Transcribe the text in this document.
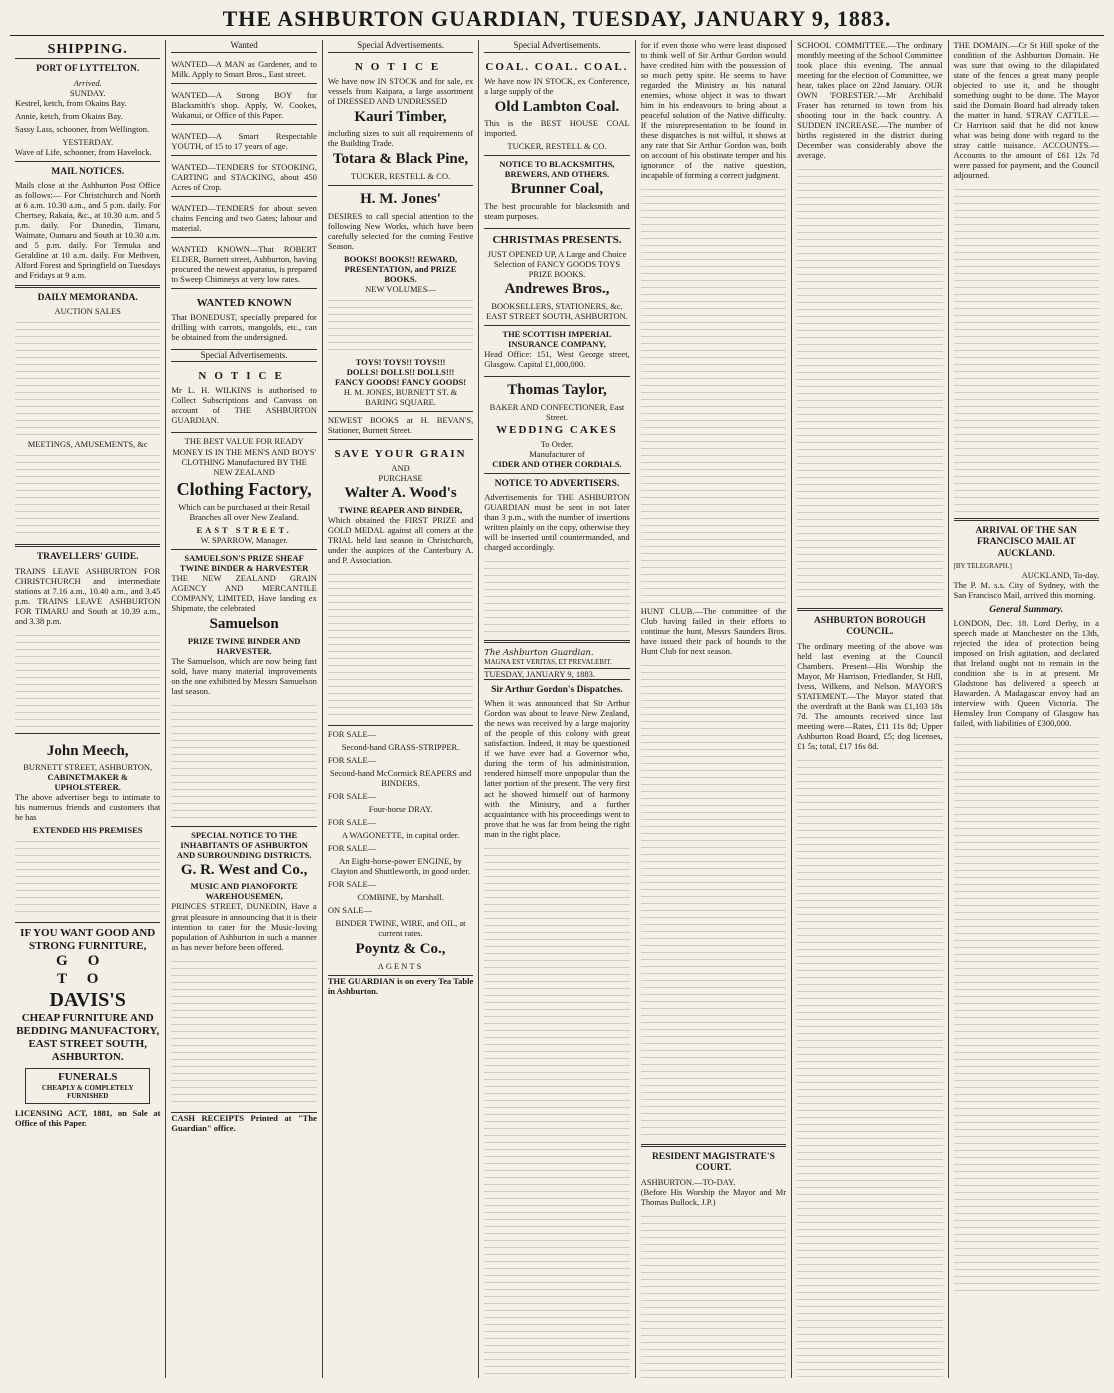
THE ASHBURTON GUARDIAN, TUESDAY, JANUARY 9, 1883.
SHIPPING.
PORT OF LYTTELTON.
Arrived.
SUNDAY.

Kestrel, ketch, from Okains Bay.

Annie, ketch, from Okains Bay.

Sassy Lass, schooner, from Wellington.

YESTERDAY.

Wave of Life, schooner, from Havelock.

MAIL NOTICES.

Mails close at the Ashburton Post Office as follows:— For Christchurch and North at 6 a.m. 10.30 a.m., and 5 p.m. daily. For Chertsey, Rakaia, &c., at 10.30 a.m. and 5 p.m. daily. For Dunedin, Timaru, Waimate, Oamaru and South at 10.30 a.m. and 5 p.m. daily. For Temuka and Geraldine at 10 a.m. daily. For Methven, Alford Forest and Springfield on Tuesdays and Fridays at 9 a.m.

DAILY MEMORANDA.
AUCTION SALES
MEETINGS, AMUSEMENTS, &c
TRAVELLERS' GUIDE.

TRAINS LEAVE ASHBURTON FOR CHRISTCHURCH and intermediate stations at 7.16 a.m., 10.40 a.m., and 3.45 p.m. TRAINS LEAVE ASHBURTON FOR TIMARU and South at 10.39 a.m., and 3.38 p.m.

John Meech,
BURNETT STREET, ASHBURTON,
CABINETMAKER & UPHOLSTERER.

The above advertiser begs to intimate to his numerous friends and customers that he has

EXTENDED HIS PREMISES
IF YOU WANT GOOD AND STRONG FURNITURE,
GO TO
DAVIS'S
CHEAP FURNITURE AND BEDDING MANUFACTORY,
EAST STREET SOUTH, ASHBURTON.
FUNERALS
CHEAPLY & COMPLETELY FURNISHED

LICENSING ACT, 1881, on Sale at Office of this Paper.

Wanted

WANTED—A MAN as Gardener, and to Milk. Apply to Smart Bros., East street.

WANTED—A Strong BOY for Blacksmith's shop. Apply, W. Cookes, Wakanui, or Office of this Paper.

WANTED—A Smart Respectable YOUTH, of 15 to 17 years of age.

WANTED—TENDERS for STOOKING, CARTING and STACKING, about 450 Acres of Crop.

WANTED—TENDERS for about seven chains Fencing and two Gates; labour and material.

WANTED KNOWN—That ROBERT ELDER, Burnett street, Ashburton, having procured the newest apparatus, is prepared to Sweep Chimneys at very low rates.

WANTED KNOWN

That BONEDUST, specially prepared for drilling with carrots, mangolds, etc., can be obtained from the undersigned.

Special Advertisements.
NOTICE

Mr L. H. WILKINS is authorised to Collect Subscriptions and Canvass on account of THE ASHBURTON GUARDIAN.

THE BEST VALUE FOR READY MONEY IS IN THE MEN'S AND BOYS' CLOTHING Manufactured BY THE NEW ZEALAND
Clothing Factory,
Which can be purchased at their Retail Branches all over New Zealand.
EAST STREET.
W. SPARROW, Manager.
SAMUELSON'S PRIZE SHEAF TWINE BINDER & HARVESTER

THE NEW ZEALAND GRAIN AGENCY AND MERCANTILE COMPANY, LIMITED, Have landing ex Shipmate, the celebrated

Samuelson
PRIZE TWINE BINDER AND HARVESTER.

The Samuelson, which are now being fast sold, have many material improvements on the one exhibited by Messrs Samuelson last season.

SPECIAL NOTICE TO THE INHABITANTS OF ASHBURTON AND SURROUNDING DISTRICTS.
G. R. West and Co.,
MUSIC AND PIANOFORTE WAREHOUSEMEN,

PRINCES STREET, DUNEDIN, Have a great pleasure in announcing that it is their intention to cater for the Music-loving population of Ashburton in such a manner as has never before been offered.

CASH RECEIPTS Printed at "The Guardian" office.

Special Advertisements.
NOTICE

We have now IN STOCK and for sale, ex vessels from Kaipara, a large assortment of DRESSED AND UNDRESSED

Kauri Timber,

including sizes to suit all requirements of the Building Trade.

Totara & Black Pine,
TUCKER, RESTELL & CO.
H. M. Jones'

DESIRES to call special attention to the following New Works, which have been carefully selected for the coming Festive Season.

BOOKS! BOOKS!! REWARD, PRESENTATION, and PRIZE BOOKS.
NEW VOLUMES—
TOYS! TOYS!! TOYS!!!
DOLLS! DOLLS!! DOLLS!!!
FANCY GOODS! FANCY GOODS!
H. M. JONES, BURNETT ST. & BARING SQUARE.

NEWEST BOOKS at H. BEVAN'S, Stationer, Burnett Street.

SAVE YOUR GRAIN
AND
PURCHASE
Walter A. Wood's
TWINE REAPER AND BINDER,

Which obtained the FIRST PRIZE and GOLD MEDAL against all comers at the TRIAL held last season in Christchurch, under the auspices of the Canterbury A. and P. Association.

FOR SALE—

Second-hand GRASS-STRIPPER.

FOR SALE—

Second-hand McCormick REAPERS and BINDERS.

FOR SALE—

Four-horse DRAY.

FOR SALE—

A WAGONETTE, in capital order.

FOR SALE—

An Eight-horse-power ENGINE, by Clayton and Shuttleworth, in good order.

FOR SALE—

COMBINE, by Marshall.

ON SALE—

BINDER TWINE, WIRE, and OIL, at current rates.

Poyntz & Co.,
AGENTS

THE GUARDIAN is on every Tea Table in Ashburton.

Special Advertisements.
COAL. COAL. COAL.

We have now IN STOCK, ex Conference, a large supply of the

Old Lambton Coal.

This is the BEST HOUSE COAL imported.

TUCKER, RESTELL & CO.
NOTICE TO BLACKSMITHS, BREWERS, AND OTHERS.
Brunner Coal,

The best procurable for blacksmith and steam purposes.

CHRISTMAS PRESENTS.
JUST OPENED UP, A Large and Choice Selection of FANCY GOODS TOYS PRIZE BOOKS.
Andrewes Bros.,
BOOKSELLERS, STATIONERS, &c. EAST STREET SOUTH, ASHBURTON.
THE SCOTTISH IMPERIAL INSURANCE COMPANY,

Head Office: 151, West George street, Glasgow. Capital £1,000,000.

Thomas Taylor,
BAKER AND CONFECTIONER, East Street.
WEDDING CAKES
To Order.
Manufacturer of
CIDER AND OTHER CORDIALS.
NOTICE TO ADVERTISERS.

Advertisements for THE ASHBURTON GUARDIAN must be sent in not later than 3 p.m., with the number of insertions written plainly on the copy, otherwise they will be inserted until countermanded, and charged accordingly.

The Ashburton Guardian.
MAGNA EST VERITAS, ET PREVALEBIT.
TUESDAY, JANUARY 9, 1883.
Sir Arthur Gordon's Dispatches.

When it was announced that Sir Arthur Gordon was about to leave New Zealand, the news was received by a large majority of the people of this colony with great satisfaction. Indeed, it may be questioned if we have ever had a Governor who, during the term of his administration, rendered himself more unpopular than the latter portion of the present. The very first act he showed himself out of harmony with the Ministry, and a further acquaintance with his proceedings went to prove that he was far from being the right man in the right place.

for if even those who were least disposed to think well of Sir Arthur Gordon would have credited him with the possession of so much petty spite. He seems to have regarded the Ministry as his natural enemies, whose object it was to thwart him in his endeavours to bring about a peaceful solution of the Native difficulty. If the misrepresentation to be found in these dispatches is not wilful, it shows at any rate that Sir Arthur Gordon was, both on account of his obstinate temper and his ignorance of the native question, incapable of forming a correct judgment.

HUNT CLUB.—The committee of the Club having failed in their efforts to continue the hunt, Messrs Saunders Bros. have issued their pack of hounds to the Hunt Club for next season.

RESIDENT MAGISTRATE'S COURT.
ASHBURTON.—TO-DAY.

(Before His Worship the Mayor and Mr Thomas Bullock, J.P.)

SCHOOL COMMITTEE.—The ordinary monthly meeting of the School Committee took place this evening. The annual meeting for the election of Committee, we hear, takes place on 22nd January. OUR OWN 'FORESTER.'—Mr Archibald Fraser has returned to town from his shooting tour in the back country. A SUDDEN INCREASE.—The number of births registered in the district during December was considerably above the average.

ASHBURTON BOROUGH COUNCIL.

The ordinary meeting of the above was held last evening at the Council Chambers. Present—His Worship the Mayor, Mr Harrison, Friedlander, St Hill, Ivess, Wilkens, and Nelson. MAYOR'S STATEMENT.—The Mayor stated that the overdraft at the Bank was £1,103 18s 7d. The amounts received since last meeting were—Rates, £11 11s 8d; Upper Ashburton Road Board, £5; dog licenses, £1 5s; total, £17 16s 8d.

THE DOMAIN.—Cr St Hill spoke of the condition of the Ashburton Domain. He was sure that owing to the dilapidated state of the fences a great many people objected to use it, and he thought something ought to be done. The Mayor said the Domain Board had already taken the matter in hand. STRAY CATTLE.—Cr Harrison said that he did not know what was being done with regard to the stray cattle nuisance. ACCOUNTS.—Accounts to the amount of £61 12s 7d were passed for payment, and the Council adjourned.

ARRIVAL OF THE SAN FRANCISCO MAIL AT AUCKLAND.
[BY TELEGRAPH.]
AUCKLAND, To-day.

The P. M. s.s. City of Sydney, with the San Francisco Mail, arrived this morning.

General Summary.

LONDON, Dec. 18. Lord Derby, in a speech made at Manchester on the 13th, rejected the idea of protection being imposed on Irish agitation, and declared that Ireland ought not to remain in the condition she is in at present. Mr Gladstone has delivered a speech at Hawarden. A Madagascar envoy had an interview with Queen Victoria. The Hemsley Iron Company of Glasgow has failed, with liabilities of £300,000.
